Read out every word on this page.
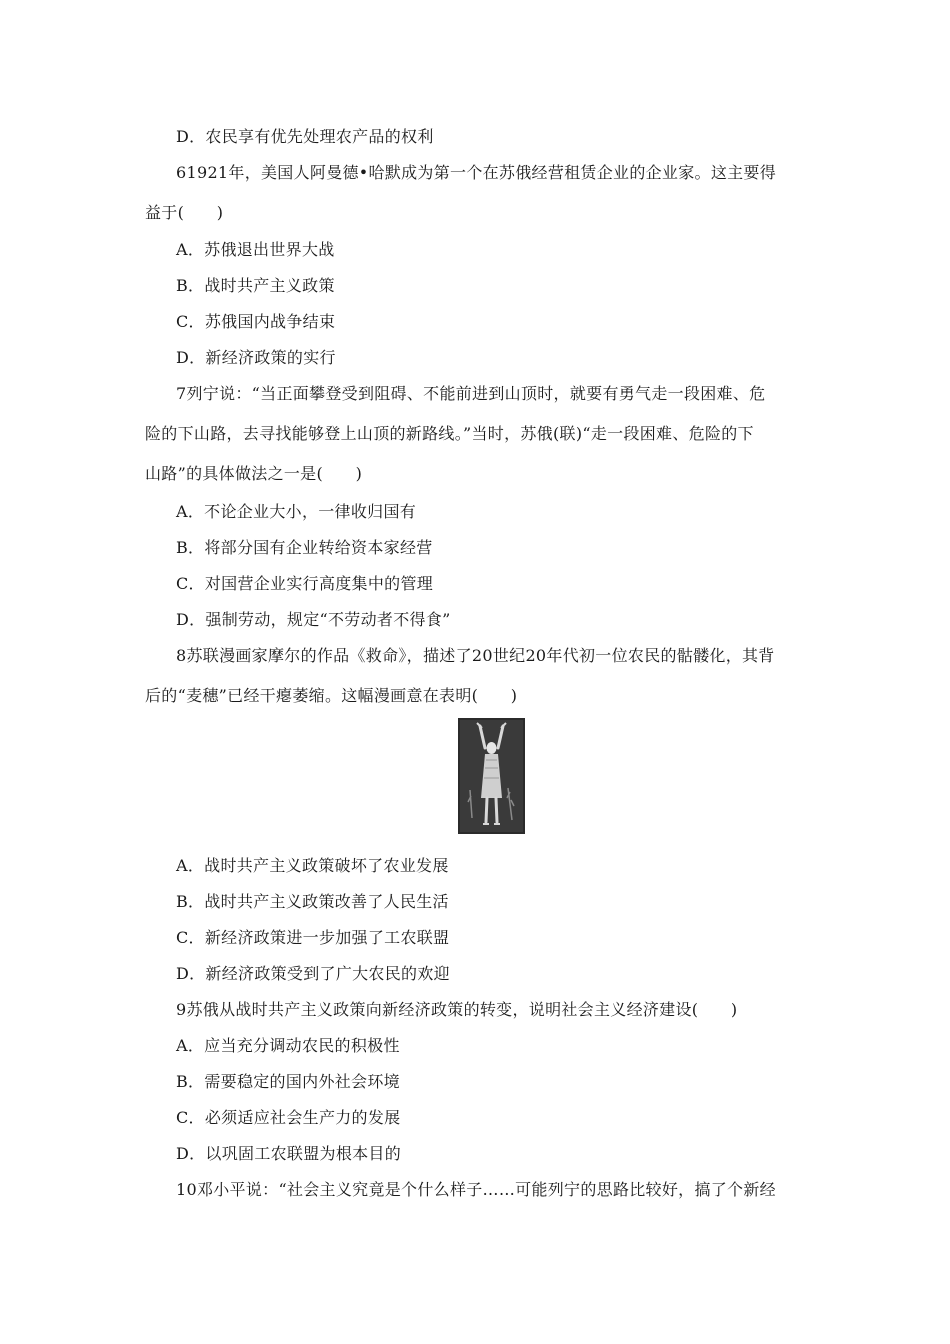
D．农民享有优先处理农产品的权利
61921年，美国人阿曼德•哈默成为第一个在苏俄经营租赁企业的企业家。这主要得
益于(　　)
A．苏俄退出世界大战
B．战时共产主义政策
C．苏俄国内战争结束
D．新经济政策的实行
7列宁说：“当正面攀登受到阻碍、不能前进到山顶时，就要有勇气走一段困难、危
险的下山路，去寻找能够登上山顶的新路线。”当时，苏俄(联)“走一段困难、危险的下
山路”的具体做法之一是(　　)
A．不论企业大小，一律收归国有
B．将部分国有企业转给资本家经营
C．对国营企业实行高度集中的管理
D．强制劳动，规定“不劳动者不得食”
8苏联漫画家摩尔的作品《救命》，描述了20世纪20年代初一位农民的骷髅化，其背
后的“麦穗”已经干瘪萎缩。这幅漫画意在表明(　　)
A．战时共产主义政策破坏了农业发展
B．战时共产主义政策改善了人民生活
C．新经济政策进一步加强了工农联盟
D．新经济政策受到了广大农民的欢迎
9苏俄从战时共产主义政策向新经济政策的转变，说明社会主义经济建设(　　)
A．应当充分调动农民的积极性
B．需要稳定的国内外社会环境
C．必须适应社会生产力的发展
D．以巩固工农联盟为根本目的
10邓小平说：“社会主义究竟是个什么样子……可能列宁的思路比较好，搞了个新经
